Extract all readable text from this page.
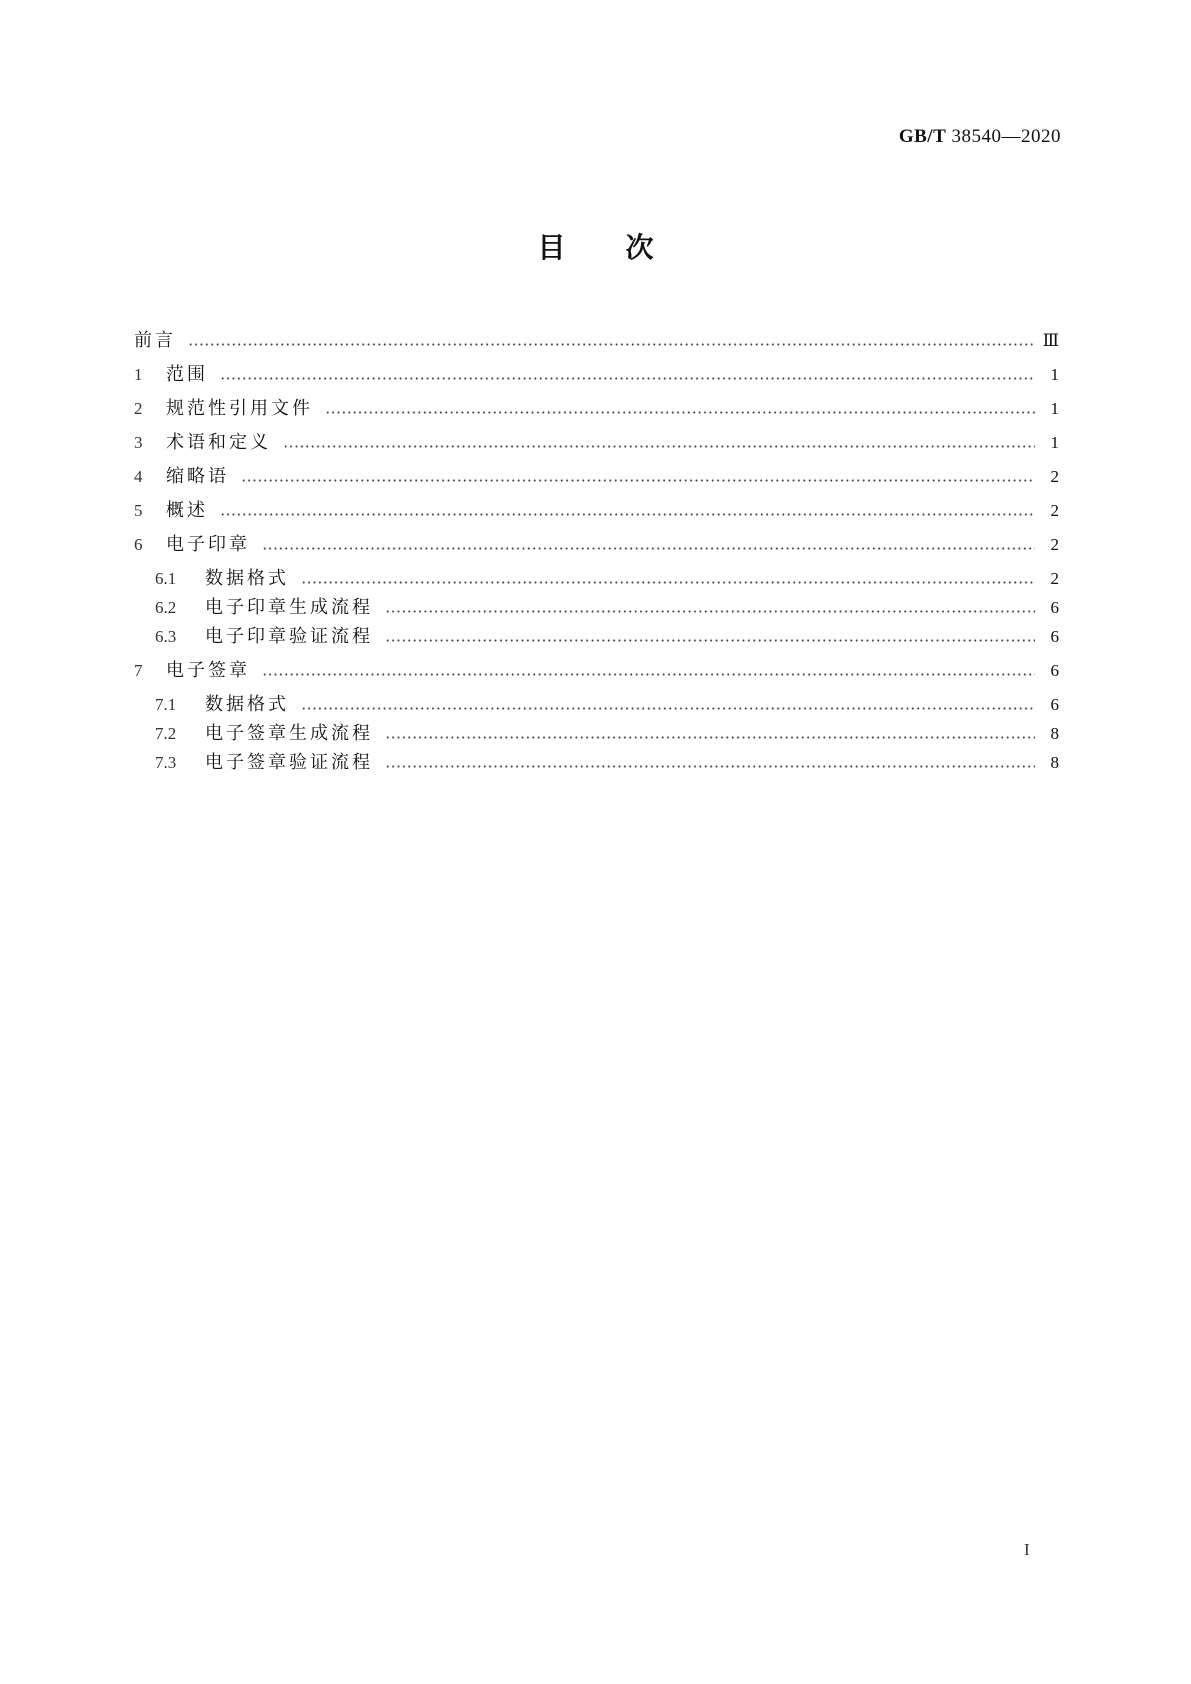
GB/T 38540—2020
目次
前言	Ⅲ
1	范围	1
2	规范性引用文件	1
3	术语和定义	1
4	缩略语	2
5	概述	2
6	电子印章	2
6.1	数据格式	2
6.2	电子印章生成流程	6
6.3	电子印章验证流程	6
7	电子签章	6
7.1	数据格式	6
7.2	电子签章生成流程	8
7.3	电子签章验证流程	8
I
